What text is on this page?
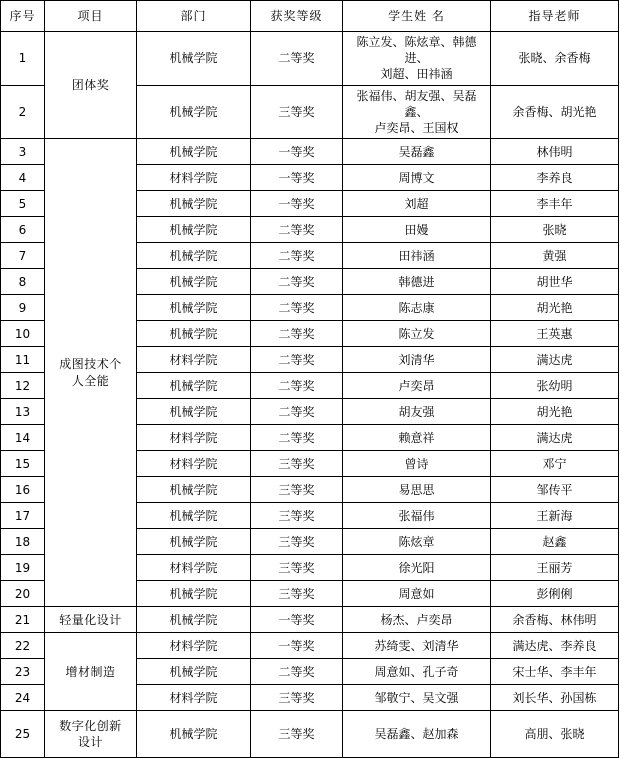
序号	项目	部门	获奖等级	学生姓 名	指导老师
1	团体奖	机械学院	二等奖	陈立发、陈炫章、韩德进、
刘超、田祎涵	张晓、余香梅

2		机械学院	三等奖	张福伟、胡友强、吴磊鑫、
卢奕昂、王国权	余香梅、胡光艳

3	成图技术个
人全能	机械学院	一等奖	吴磊鑫	林伟明

4		材料学院	一等奖	周博文	李养良

5		机械学院	一等奖	刘超	李丰年

6		机械学院	二等奖	田嫚	张晓

7		机械学院	二等奖	田祎涵	黄强

8		机械学院	二等奖	韩德进	胡世华

9		机械学院	二等奖	陈志康	胡光艳

10		机械学院	二等奖	陈立发	王英惠

11		材料学院	二等奖	刘清华	满达虎

12		机械学院	二等奖	卢奕昂	张幼明

13		机械学院	二等奖	胡友强	胡光艳

14		材料学院	二等奖	赖意祥	满达虎

15		材料学院	三等奖	曾诗	邓宁

16		机械学院	三等奖	易思思	邹传平

17		机械学院	三等奖	张福伟	王新海

18		机械学院	三等奖	陈炫章	赵鑫

19		材料学院	三等奖	徐光阳	王丽芳

20		机械学院	三等奖	周意如	彭俐俐

21	轻量化设计	机械学院	一等奖	杨杰、卢奕昂	余香梅、林伟明

22	增材制造	材料学院	一等奖	苏绮雯、刘清华	满达虎、李养良

23		机械学院	二等奖	周意如、孔子奇	宋士华、李丰年

24		材料学院	三等奖	邹敬宁、吴文强	刘长华、孙国栋

25	数字化创新
设计	机械学院	三等奖	吴磊鑫、赵加森	高朋、张晓
